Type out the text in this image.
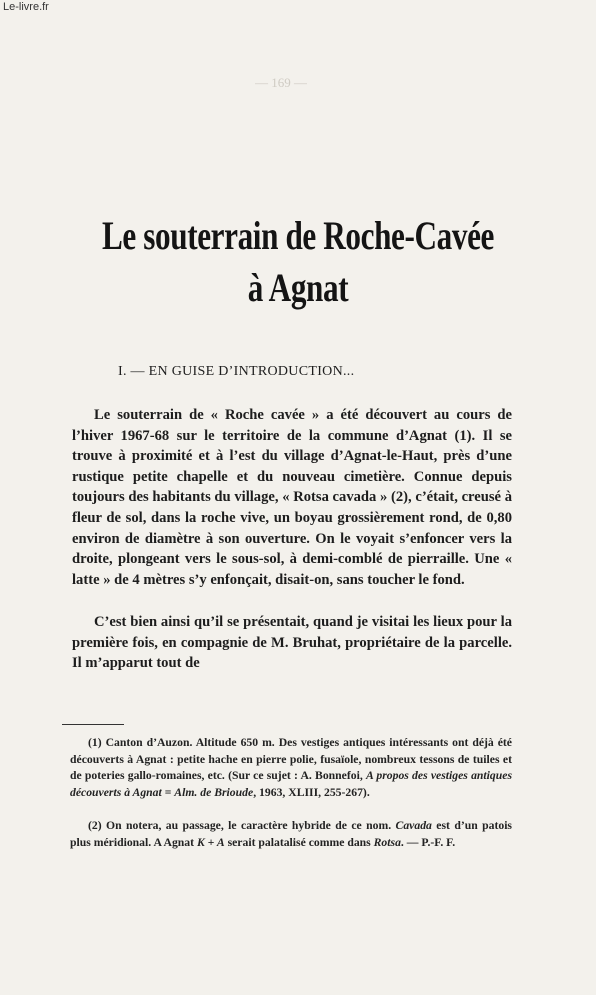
Le-livre.fr
— 169 —
Le souterrain de Roche-Cavée
à Agnat
I. — EN GUISE D’INTRODUCTION...

Le souterrain de « Roche cavée » a été découvert au cours de l’hiver 1967-68 sur le territoire de la commune d’Agnat (1). Il se trouve à proximité et à l’est du village d’Agnat-le-Haut, près d’une rustique petite chapelle et du nouveau cimetière. Connue depuis toujours des habitants du village, « Rotsa cavada » (2), c’était, creusé à fleur de sol, dans la roche vive, un boyau grossièrement rond, de 0,80 environ de diamètre à son ouverture. On le voyait s’enfoncer vers la droite, plongeant vers le sous-sol, à demi-comblé de pierraille. Une « latte » de 4 mètres s’y enfonçait, disait-on, sans toucher le fond.

C’est bien ainsi qu’il se présentait, quand je visitai les lieux pour la première fois, en compagnie de M. Bruhat, propriétaire de la parcelle. Il m’apparut tout de

(1) Canton d’Auzon. Altitude 650 m. Des vestiges antiques intéressants ont déjà été découverts à Agnat : petite hache en pierre polie, fusaïole, nombreux tessons de tuiles et de poteries gallo-romaines, etc. (Sur ce sujet : A. Bonnefoi, A propos des vestiges antiques découverts à Agnat = Alm. de Brioude, 1963, XLIII, 255-267).

(2) On notera, au passage, le caractère hybride de ce nom. Cavada est d’un patois plus méridional. A Agnat K + A serait palatalisé comme dans Rotsa. — P.-F. F.
